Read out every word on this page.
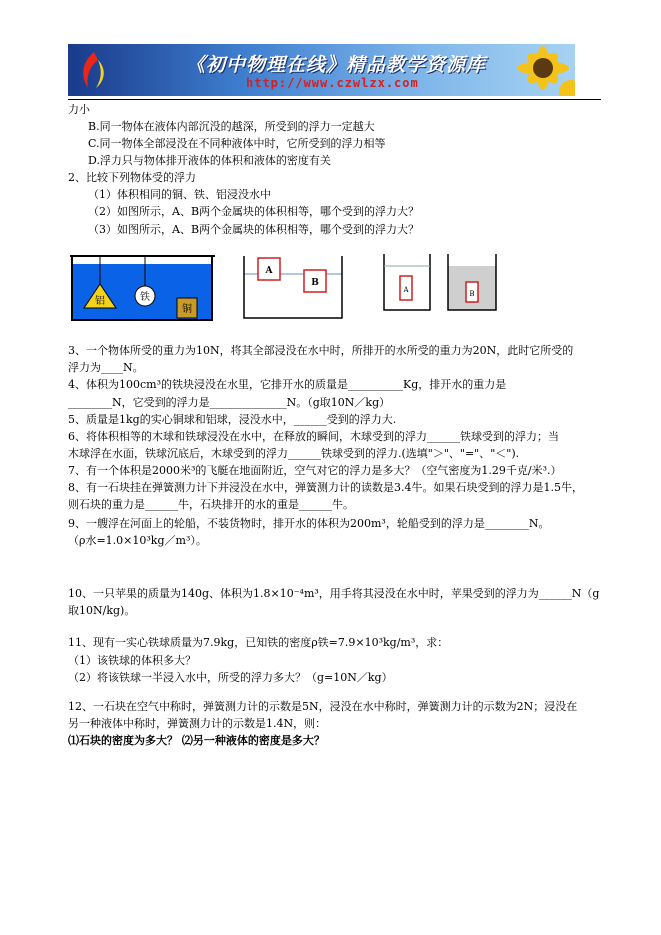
《初中物理在线》精品教学资源库
http://www.czwlzx.com
力小
B.同一物体在液体内部沉没的越深，所受到的浮力一定越大
C.同一物体全部浸没在不同种液体中时，它所受到的浮力相等
D.浮力只与物体排开液体的体积和液体的密度有关
2、比较下列物体受的浮力
（1）体积相同的铜、铁、铝浸没水中
（2）如图所示，A、B两个金属块的体积相等，哪个受到的浮力大？
（3）如图所示，A、B两个金属块的体积相等，哪个受到的浮力大？
铝	铁
铜
A
B
A	B
3、一个物体所受的重力为10N，将其全部浸没在水中时，所排开的水所受的重力为20N，此时它所受的
浮力为____N。
4、体积为100cm³的铁块浸没在水里，它排开水的质量是__________Kg，排开水的重力是
________N，它受到的浮力是______________N。（g取10N／kg）
5、质量是1kg的实心铜球和铝球，浸没水中，______受到的浮力大.
6、将体积相等的木球和铁球浸没在水中，在释放的瞬间，木球受到的浮力______铁球受到的浮力；当
木球浮在水面，铁球沉底后，木球受到的浮力______铁球受到的浮力.(选填"＞"、"="、"＜").
7、有一个体积是2000米³的飞艇在地面附近，空气对它的浮力是多大？（空气密度为1.29千克/米³.）
8、有一石块挂在弹簧测力计下并浸没在水中，弹簧测力计的读数是3.4牛。如果石块受到的浮力是1.5牛，
则石块的重力是______牛，石块排开的水的重是______牛。
9、一艘浮在河面上的轮船，不装货物时，排开水的体积为200m³，轮船受到的浮力是________N。
（ρ水=1.0×10³kg／m³）。
10、一只苹果的质量为140g、体积为1.8×10⁻⁴m³，用手将其浸没在水中时，苹果受到的浮力为______N（g
取10N/kg)。
11、现有一实心铁球质量为7.9kg，已知铁的密度ρ铁=7.9×10³kg/m³，求：
（1）该铁球的体积多大？
（2）将该铁球一半浸入水中，所受的浮力多大？（g=10N／kg）
12、一石块在空气中称时，弹簧测力计的示数是5N，浸没在水中称时，弹簧测力计的示数为2N；浸没在
另一种液体中称时，弹簧测力计的示数是1.4N，则：
⑴石块的密度为多大？ ⑵另一种液体的密度是多大？
